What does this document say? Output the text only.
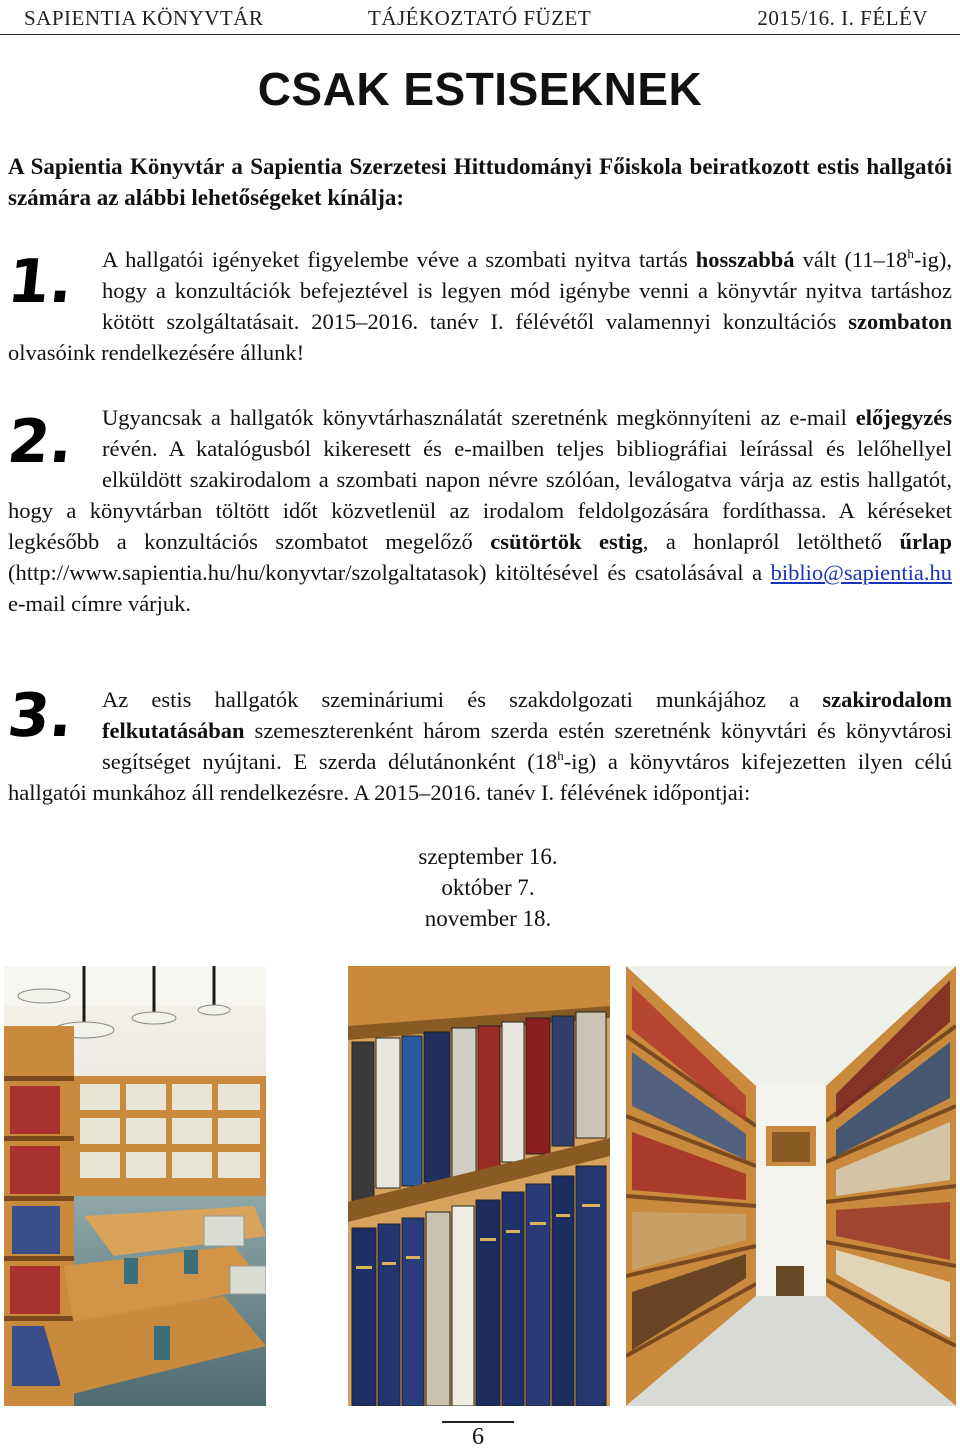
SAPIENTIA KÖNYVTÁR	TÁJÉKOZTATÓ FÜZET	2015/16. I. FÉLÉV
CSAK ESTISEKNEK

A Sapientia Könyvtár a Sapientia Szerzetesi Hittudományi Főiskola beiratkozott estis hallgatói számára az alábbi lehetőségeket kínálja:

1.	A hallgatói igényeket figyelembe véve a szombati nyitva tartás hosszabbá vált (11–18$^h$-ig), hogy a konzultációk befejeztével is legyen mód igénybe venni a könyvtár nyitva tartáshoz kötött szolgáltatásait. 2015–2016. tanév I. félévétől valamennyi konzultációs szombaton olvasóink rendelkezésére állunk!

2.	Ugyancsak a hallgatók könyvtárhasználatát szeretnénk megkönnyíteni az e-mail előjegyzés révén. A katalógusból kikeresett és e-mailben teljes bibliográfiai leírással és lelőhellyel elküldött szakirodalom a szombati napon névre szólóan, leválogatva várja az estis hallgatót, hogy a könyvtárban töltött időt közvetlenül az irodalom feldolgozására fordíthassa. A kéréseket legkésőbb a konzultációs szombatot megelőző csütörtök estig, a honlapról letölthető űrlap (http://www.sapientia.hu/hu/konyvtar/szolgaltatasok) kitöltésével és csatolásával a biblio@sapientia.hu e-mail címre várjuk.

3.	Az estis hallgatók szemináriumi és szakdolgozati munkájához a szakirodalom felkutatásában szemeszterenként három szerda estén szeretnénk könyvtári és könyvtárosi segítséget nyújtani. E szerda délutánonként (18$^h$-ig) a könyvtáros kifejezetten ilyen célú hallgatói munkához áll rendelkezésre. A 2015–2016. tanév I. félévének időpontjai:

szeptember 16.
október 7.
november 18.
6
